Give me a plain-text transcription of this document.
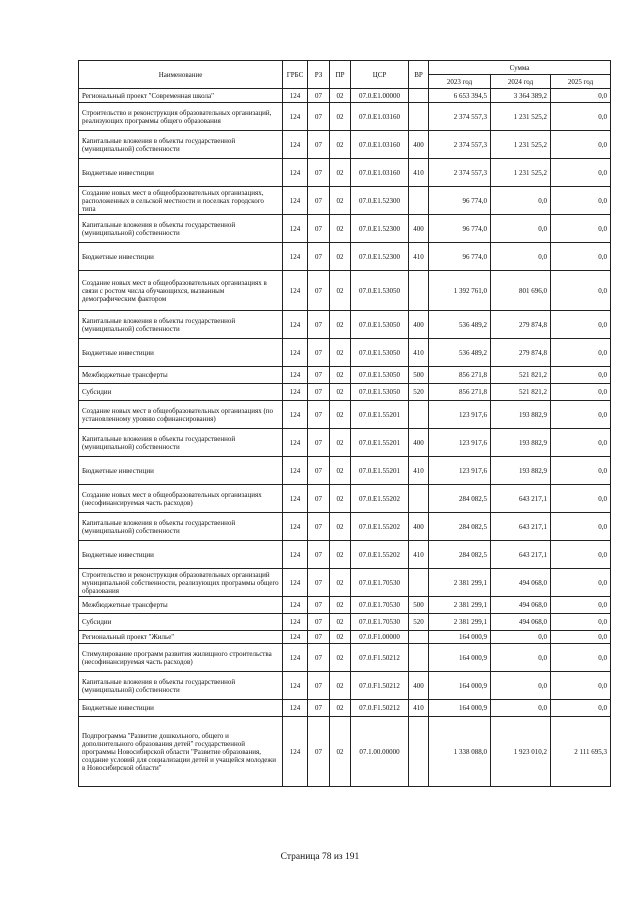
Наименование	ГРБС	РЗ	ПР	ЦСР	ВР	Сумма		
						2023 год	2024 год	2025 год
Региональный проект "Современная школа"	124	07	02	07.0.E1.00000		6 653 394,5	3 364 389,2	0,0
Строительство и реконструкция образовательных организаций, реализующих программы общего образования	124	07	02	07.0.E1.03160		2 374 557,3	1 231 525,2	0,0
Капитальные вложения в объекты государственной (муниципальной) собственности	124	07	02	07.0.E1.03160	400	2 374 557,3	1 231 525,2	0,0
Бюджетные инвестиции	124	07	02	07.0.E1.03160	410	2 374 557,3	1 231 525,2	0,0
Создание новых мест в общеобразовательных организациях, расположенных в сельской местности и поселках городского типа	124	07	02	07.0.E1.52300		96 774,0	0,0	0,0
Капитальные вложения в объекты государственной (муниципальной) собственности	124	07	02	07.0.E1.52300	400	96 774,0	0,0	0,0
Бюджетные инвестиции	124	07	02	07.0.E1.52300	410	96 774,0	0,0	0,0
Создание новых мест в общеобразовательных организациях в связи с ростом числа обучающихся, вызванным демографическим фактором	124	07	02	07.0.E1.53050		1 392 761,0	801 696,0	0,0
Капитальные вложения в объекты государственной (муниципальной) собственности	124	07	02	07.0.E1.53050	400	536 489,2	279 874,8	0,0
Бюджетные инвестиции	124	07	02	07.0.E1.53050	410	536 489,2	279 874,8	0,0
Межбюджетные трансферты	124	07	02	07.0.E1.53050	500	856 271,8	521 821,2	0,0
Субсидии	124	07	02	07.0.E1.53050	520	856 271,8	521 821,2	0,0
Создание новых мест в общеобразовательных организациях (по установленному уровню софинансирования)	124	07	02	07.0.E1.55201		123 917,6	193 882,9	0,0
Капитальные вложения в объекты государственной (муниципальной) собственности	124	07	02	07.0.E1.55201	400	123 917,6	193 882,9	0,0
Бюджетные инвестиции	124	07	02	07.0.E1.55201	410	123 917,6	193 882,9	0,0
Создание новых мест в общеобразовательных организациях (несофинансируемая часть расходов)	124	07	02	07.0.E1.55202		284 082,5	643 217,1	0,0
Капитальные вложения в объекты государственной (муниципальной) собственности	124	07	02	07.0.E1.55202	400	284 082,5	643 217,1	0,0
Бюджетные инвестиции	124	07	02	07.0.E1.55202	410	284 082,5	643 217,1	0,0
Строительство и реконструкция образовательных организаций муниципальной собственности, реализующих программы общего образования	124	07	02	07.0.E1.70530		2 381 299,1	494 068,0	0,0
Межбюджетные трансферты	124	07	02	07.0.E1.70530	500	2 381 299,1	494 068,0	0,0
Субсидии	124	07	02	07.0.E1.70530	520	2 381 299,1	494 068,0	0,0
Региональный проект "Жилье"	124	07	02	07.0.F1.00000		164 000,9	0,0	0,0
Стимулирование программ развития жилищного строительства (несофинансируемая часть расходов)	124	07	02	07.0.F1.50212		164 000,9	0,0	0,0
Капитальные вложения в объекты государственной (муниципальной) собственности	124	07	02	07.0.F1.50212	400	164 000,9	0,0	0,0
Бюджетные инвестиции	124	07	02	07.0.F1.50212	410	164 000,9	0,0	0,0
Подпрограмма "Развитие дошкольного, общего и дополнительного образования детей" государственной программы Новосибирской области "Развитие образования, создание условий для социализации детей и учащейся молодежи в Новосибирской области"	124	07	02	07.1.00.00000		1 338 088,0	1 923 010,2	2 111 695,3
Страница 78 из 191
